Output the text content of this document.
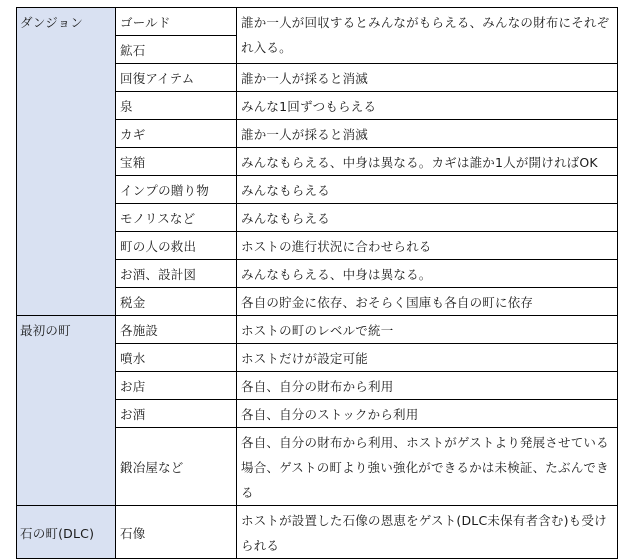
ダンジョン	ゴールド	誰か一人が回収するとみんながもらえる、みんなの財布にそれぞれ入る。
	鉱石	
	回復アイテム	誰か一人が採ると消滅
	泉	みんな1回ずつもらえる
	カギ	誰か一人が採ると消滅
	宝箱	みんなもらえる、中身は異なる。カギは誰か1人が開ければOK
	インプの贈り物	みんなもらえる
	モノリスなど	みんなもらえる
	町の人の救出	ホストの進行状況に合わせられる
	お酒、設計図	みんなもらえる、中身は異なる。
	税金	各自の貯金に依存、おそらく国庫も各自の町に依存
最初の町	各施設	ホストの町のレベルで統一
	噴水	ホストだけが設定可能
	お店	各自、自分の財布から利用
	お酒	各自、自分のストックから利用
	鍛冶屋など	各自、自分の財布から利用、ホストがゲストより発展させている場合、ゲストの町より強い強化ができるかは未検証、たぶんできる
石の町(DLC)	石像	ホストが設置した石像の恩恵をゲスト(DLC未保有者含む)も受けられる
